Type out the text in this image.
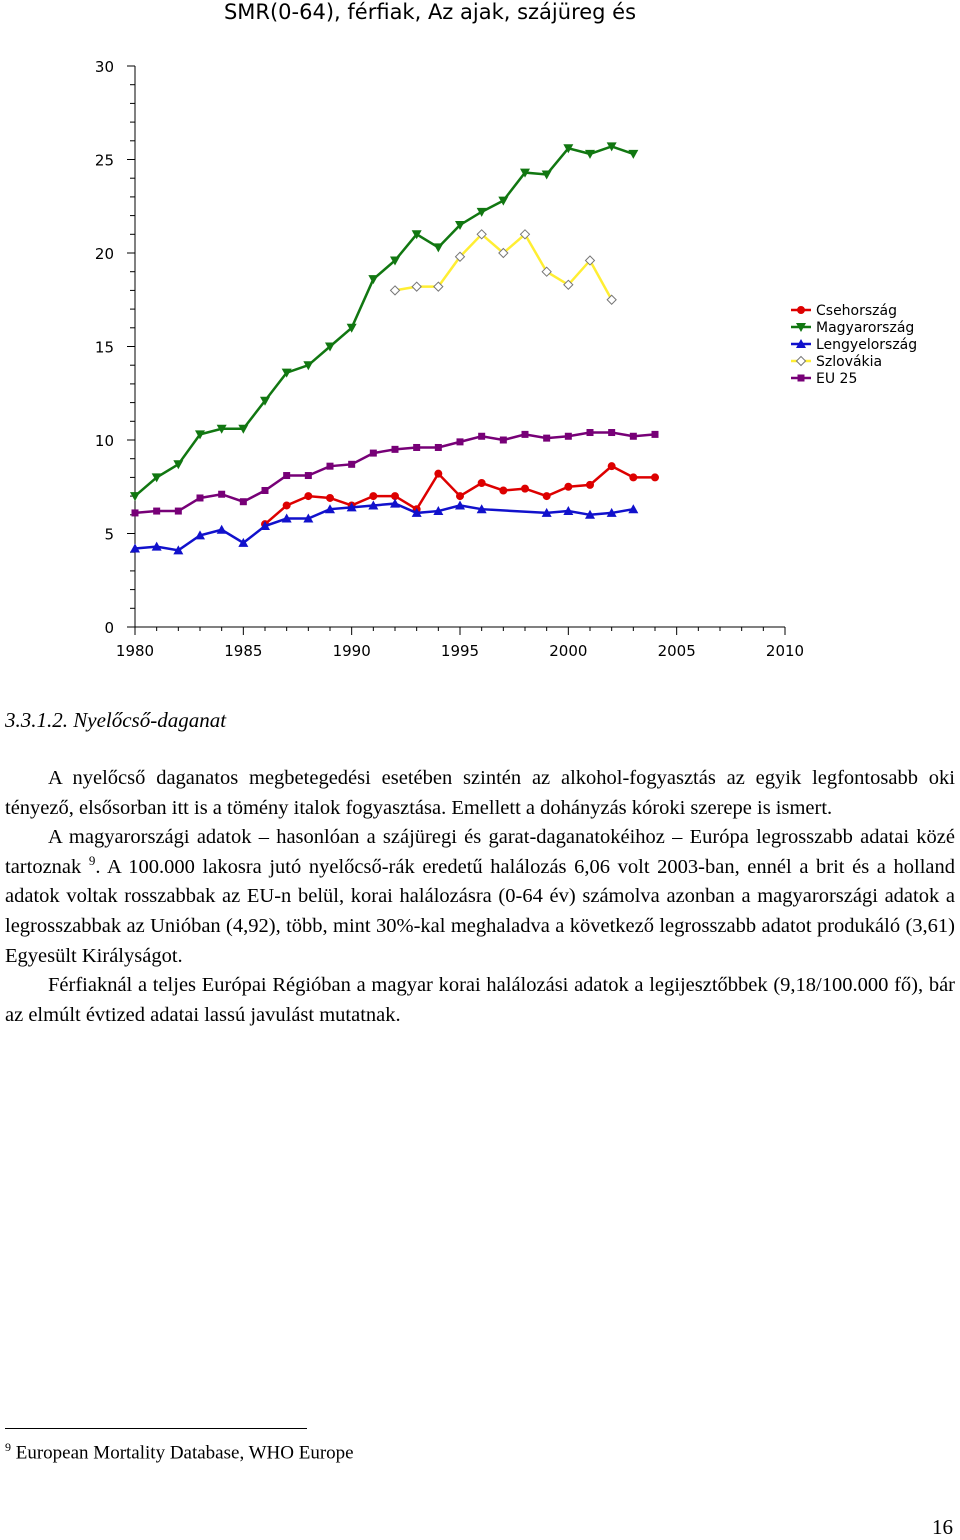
SMR(0-64), férfiak, Az ajak, szájüreg és
30
25
20
15
10
5
0
1980	1985	1990	1995	2000	2005	2010
Csehország
Magyarország
Lengyelország
Szlovákia
EU 25
3.3.1.2. Nyelőcső-daganat

A nyelőcső daganatos megbetegedési esetében szintén az alkohol-fogyasztás az egyik legfontosabb oki tényező, elsősorban itt is a tömény italok fogyasztása. Emellett a dohányzás kóroki szerepe is ismert.

A magyarországi adatok – hasonlóan a szájüregi és garat-daganatokéihoz – Európa legrosszabb adatai közé tartoznak $^9$. A 100.000 lakosra jutó nyelőcső-rák eredetű halálozás 6,06 volt 2003-ban, ennél a brit és a holland adatok voltak rosszabbak az EU-n belül, korai halálozásra (0-64 év) számolva azonban a magyarországi adatok a legrosszabbak az Unióban (4,92), több, mint 30%-kal meghaladva a következő legrosszabb adatot produkáló (3,61) Egyesült Királyságot.

Férfiaknál a teljes Európai Régióban a magyar korai halálozási adatok a legijesztőbbek (9,18/100.000 fő), bár az elmúlt évtized adatai lassú javulást mutatnak.

$^9$ European Mortality Database, WHO Europe
16
